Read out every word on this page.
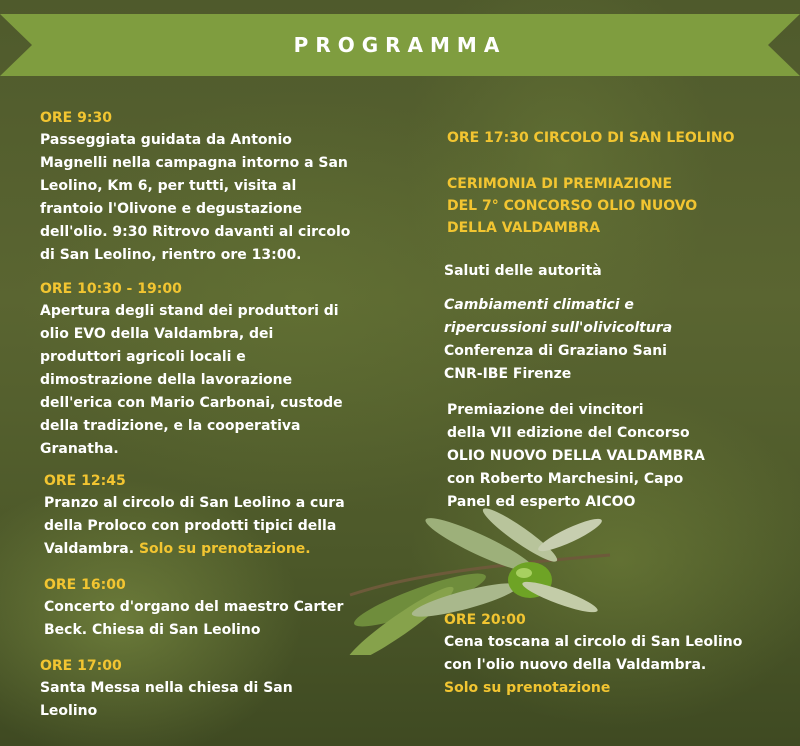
PROGRAMMA
ORE 9:30
Passeggiata guidata da Antonio
Magnelli nella campagna intorno a San
Leolino, Km 6, per tutti, visita al
frantoio l'Olivone e degustazione
dell'olio. 9:30 Ritrovo davanti al circolo
di San Leolino, rientro ore 13:00.
ORE 10:30 - 19:00
Apertura degli stand dei produttori di
olio EVO della Valdambra, dei
produttori agricoli locali e
dimostrazione della lavorazione
dell'erica con Mario Carbonai, custode
della tradizione, e la cooperativa
Granatha.
ORE 12:45
Pranzo al circolo di San Leolino a cura
della Proloco con prodotti tipici della
Valdambra. Solo su prenotazione.
ORE 16:00
Concerto d'organo del maestro Carter
Beck. Chiesa di San Leolino
ORE 17:00
Santa Messa nella chiesa di San
Leolino
ORE 17:30 CIRCOLO DI SAN LEOLINO
CERIMONIA DI PREMIAZIONE
DEL 7° CONCORSO OLIO NUOVO
DELLA VALDAMBRA
Saluti delle autorità
Cambiamenti climatici e
ripercussioni sull'olivicoltura
Conferenza di Graziano Sani
CNR-IBE Firenze
Premiazione dei vincitori
della VII edizione del Concorso
OLIO NUOVO DELLA VALDAMBRA
con Roberto Marchesini, Capo
Panel ed esperto AICOO
ORE 20:00
Cena toscana al circolo di San Leolino
con l'olio nuovo della Valdambra.
Solo su prenotazione
